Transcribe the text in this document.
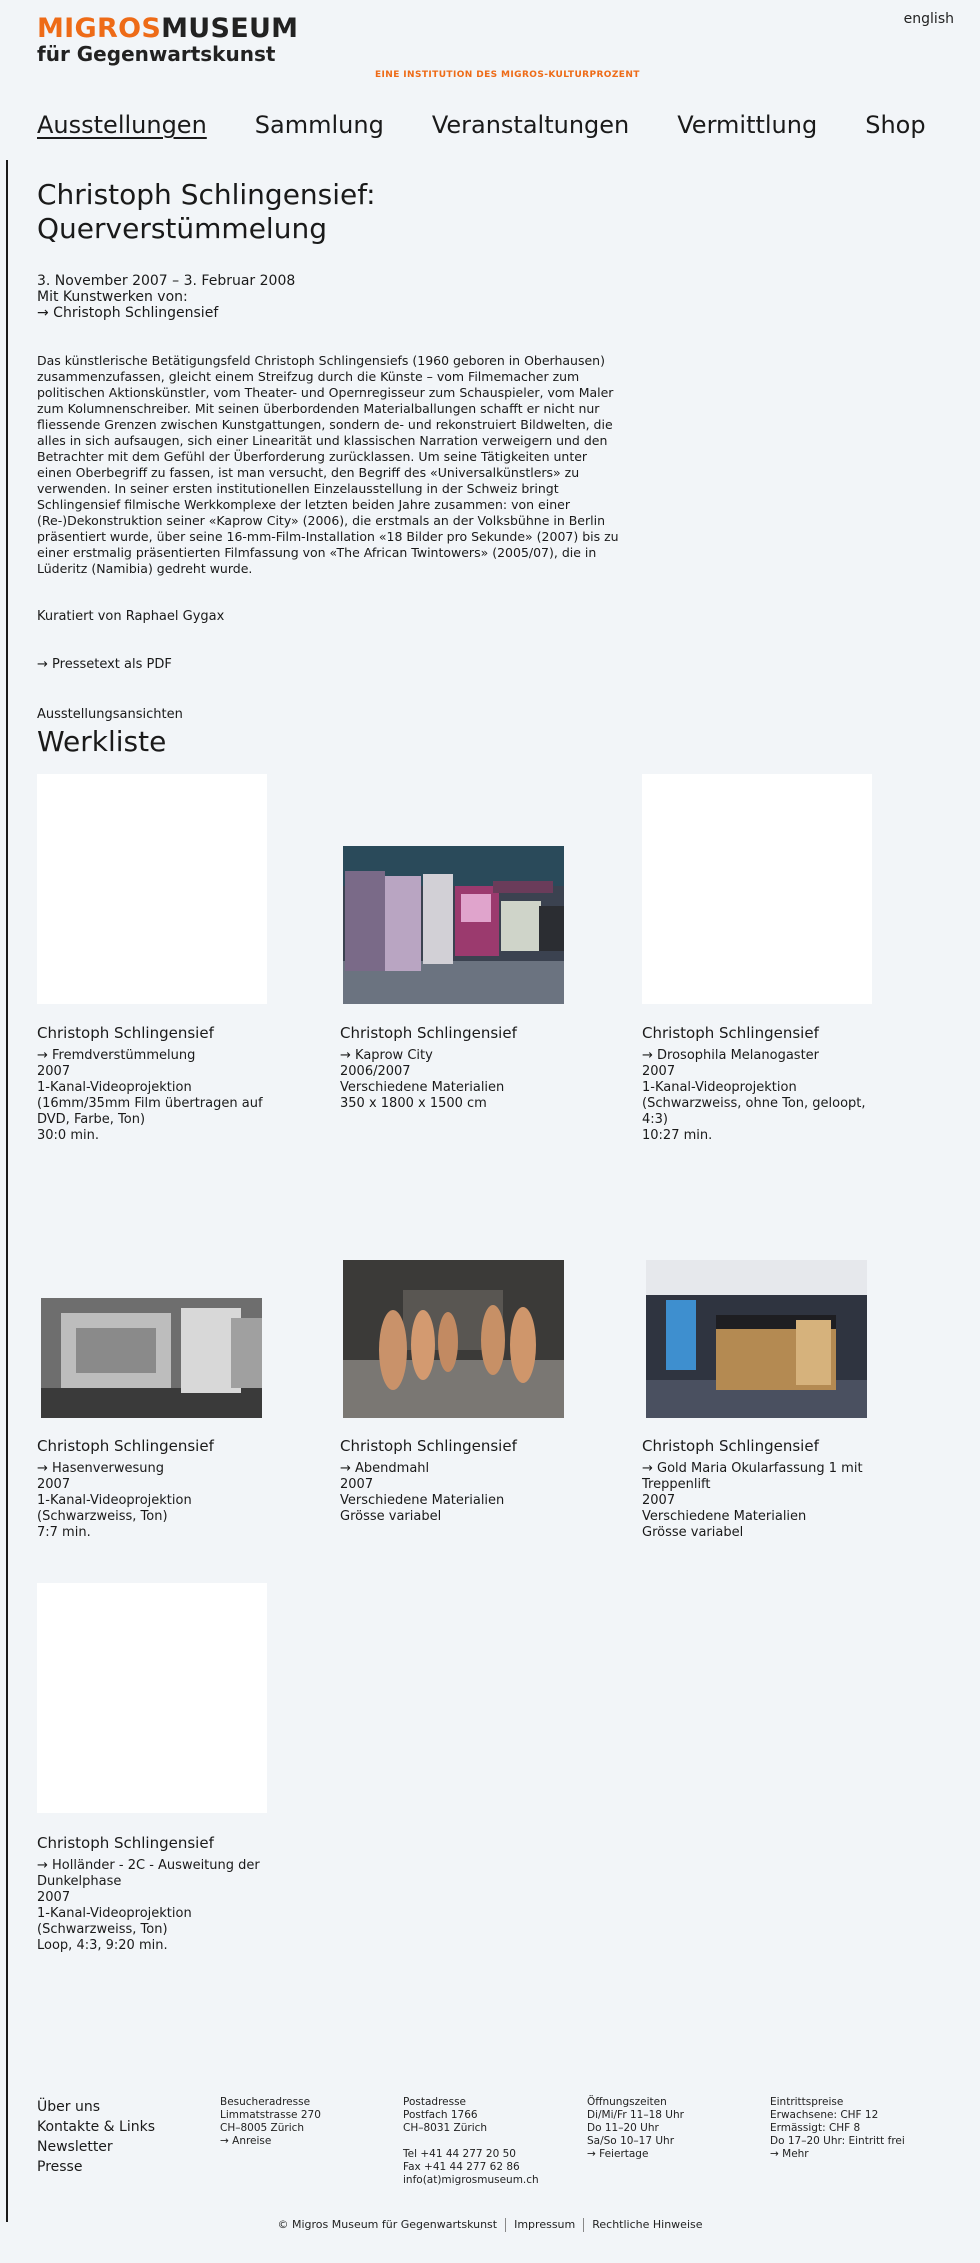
MIGROSMUSEUM
für Gegenwartskunst
EINE INSTITUTION DES MIGROS-KULTURPROZENT
english
Ausstellungen Sammlung Veranstaltungen Vermittlung Shop
Christoph Schlingensief:
Querverstümmelung
3. November 2007 – 3. Februar 2008
Mit Kunstwerken von:
→ Christoph Schlingensief
Das künstlerische Betätigungsfeld Christoph Schlingensiefs (1960 geboren in Oberhausen) zusammenzufassen, gleicht einem Streifzug durch die Künste – vom Filmemacher zum politischen Aktionskünstler, vom Theater- und Opernregisseur zum Schauspieler, vom Maler zum Kolumnenschreiber. Mit seinen überbordenden Materialballungen schafft er nicht nur fliessende Grenzen zwischen Kunstgattungen, sondern de- und rekonstruiert Bildwelten, die alles in sich aufsaugen, sich einer Linearität und klassischen Narration verweigern und den Betrachter mit dem Gefühl der Überforderung zurücklassen. Um seine Tätigkeiten unter einen Oberbegriff zu fassen, ist man versucht, den Begriff des «Universalkünstlers» zu verwenden. In seiner ersten institutionellen Einzelausstellung in der Schweiz bringt Schlingensief filmische Werkkomplexe der letzten beiden Jahre zusammen: von einer (Re-)Dekonstruktion seiner «Kaprow City» (2006), die erstmals an der Volksbühne in Berlin präsentiert wurde, über seine 16-mm-Film-Installation «18 Bilder pro Sekunde» (2007) bis zu einer erstmalig präsentierten Filmfassung von «The African Twintowers» (2005/07), die in Lüderitz (Namibia) gedreht wurde.
Kuratiert von Raphael Gygax
→ Pressetext als PDF
Ausstellungsansichten
Werkliste
Christoph Schlingensief
→ Fremdverstümmelung
2007
1-Kanal-Videoprojektion
(16mm/35mm Film übertragen auf
DVD, Farbe, Ton)
30:0 min.
Christoph Schlingensief
→ Kaprow City
2006/2007
Verschiedene Materialien
350 x 1800 x 1500 cm
Christoph Schlingensief
→ Drosophila Melanogaster
2007
1-Kanal-Videoprojektion
(Schwarzweiss, ohne Ton, geloopt,
4:3)
10:27 min.
Christoph Schlingensief
→ Hasenverwesung
2007
1-Kanal-Videoprojektion
(Schwarzweiss, Ton)
7:7 min.
Christoph Schlingensief
→ Abendmahl
2007
Verschiedene Materialien
Grösse variabel
Christoph Schlingensief
→ Gold Maria Okularfassung 1 mit
Treppenlift
2007
Verschiedene Materialien
Grösse variabel
Christoph Schlingensief
→ Holländer - 2C - Ausweitung der
Dunkelphase
2007
1-Kanal-Videoprojektion
(Schwarzweiss, Ton)
Loop, 4:3, 9:20 min.
Über uns
Kontakte & Links
Newsletter
Presse
Besucheradresse
Limmatstrasse 270
CH–8005 Zürich
→ Anreise
Postadresse
Postfach 1766
CH–8031 Zürich
Tel +41 44 277 20 50
Fax +41 44 277 62 86
info(at)migrosmuseum.ch
Öffnungszeiten
Di/Mi/Fr 11–18 Uhr
Do 11–20 Uhr
Sa/So 10–17 Uhr
→ Feiertage
Eintrittspreise
Erwachsene: CHF 12
Ermässigt: CHF 8
Do 17–20 Uhr: Eintritt frei
→ Mehr
© Migros Museum für Gegenwartskunst Impressum Rechtliche Hinweise
